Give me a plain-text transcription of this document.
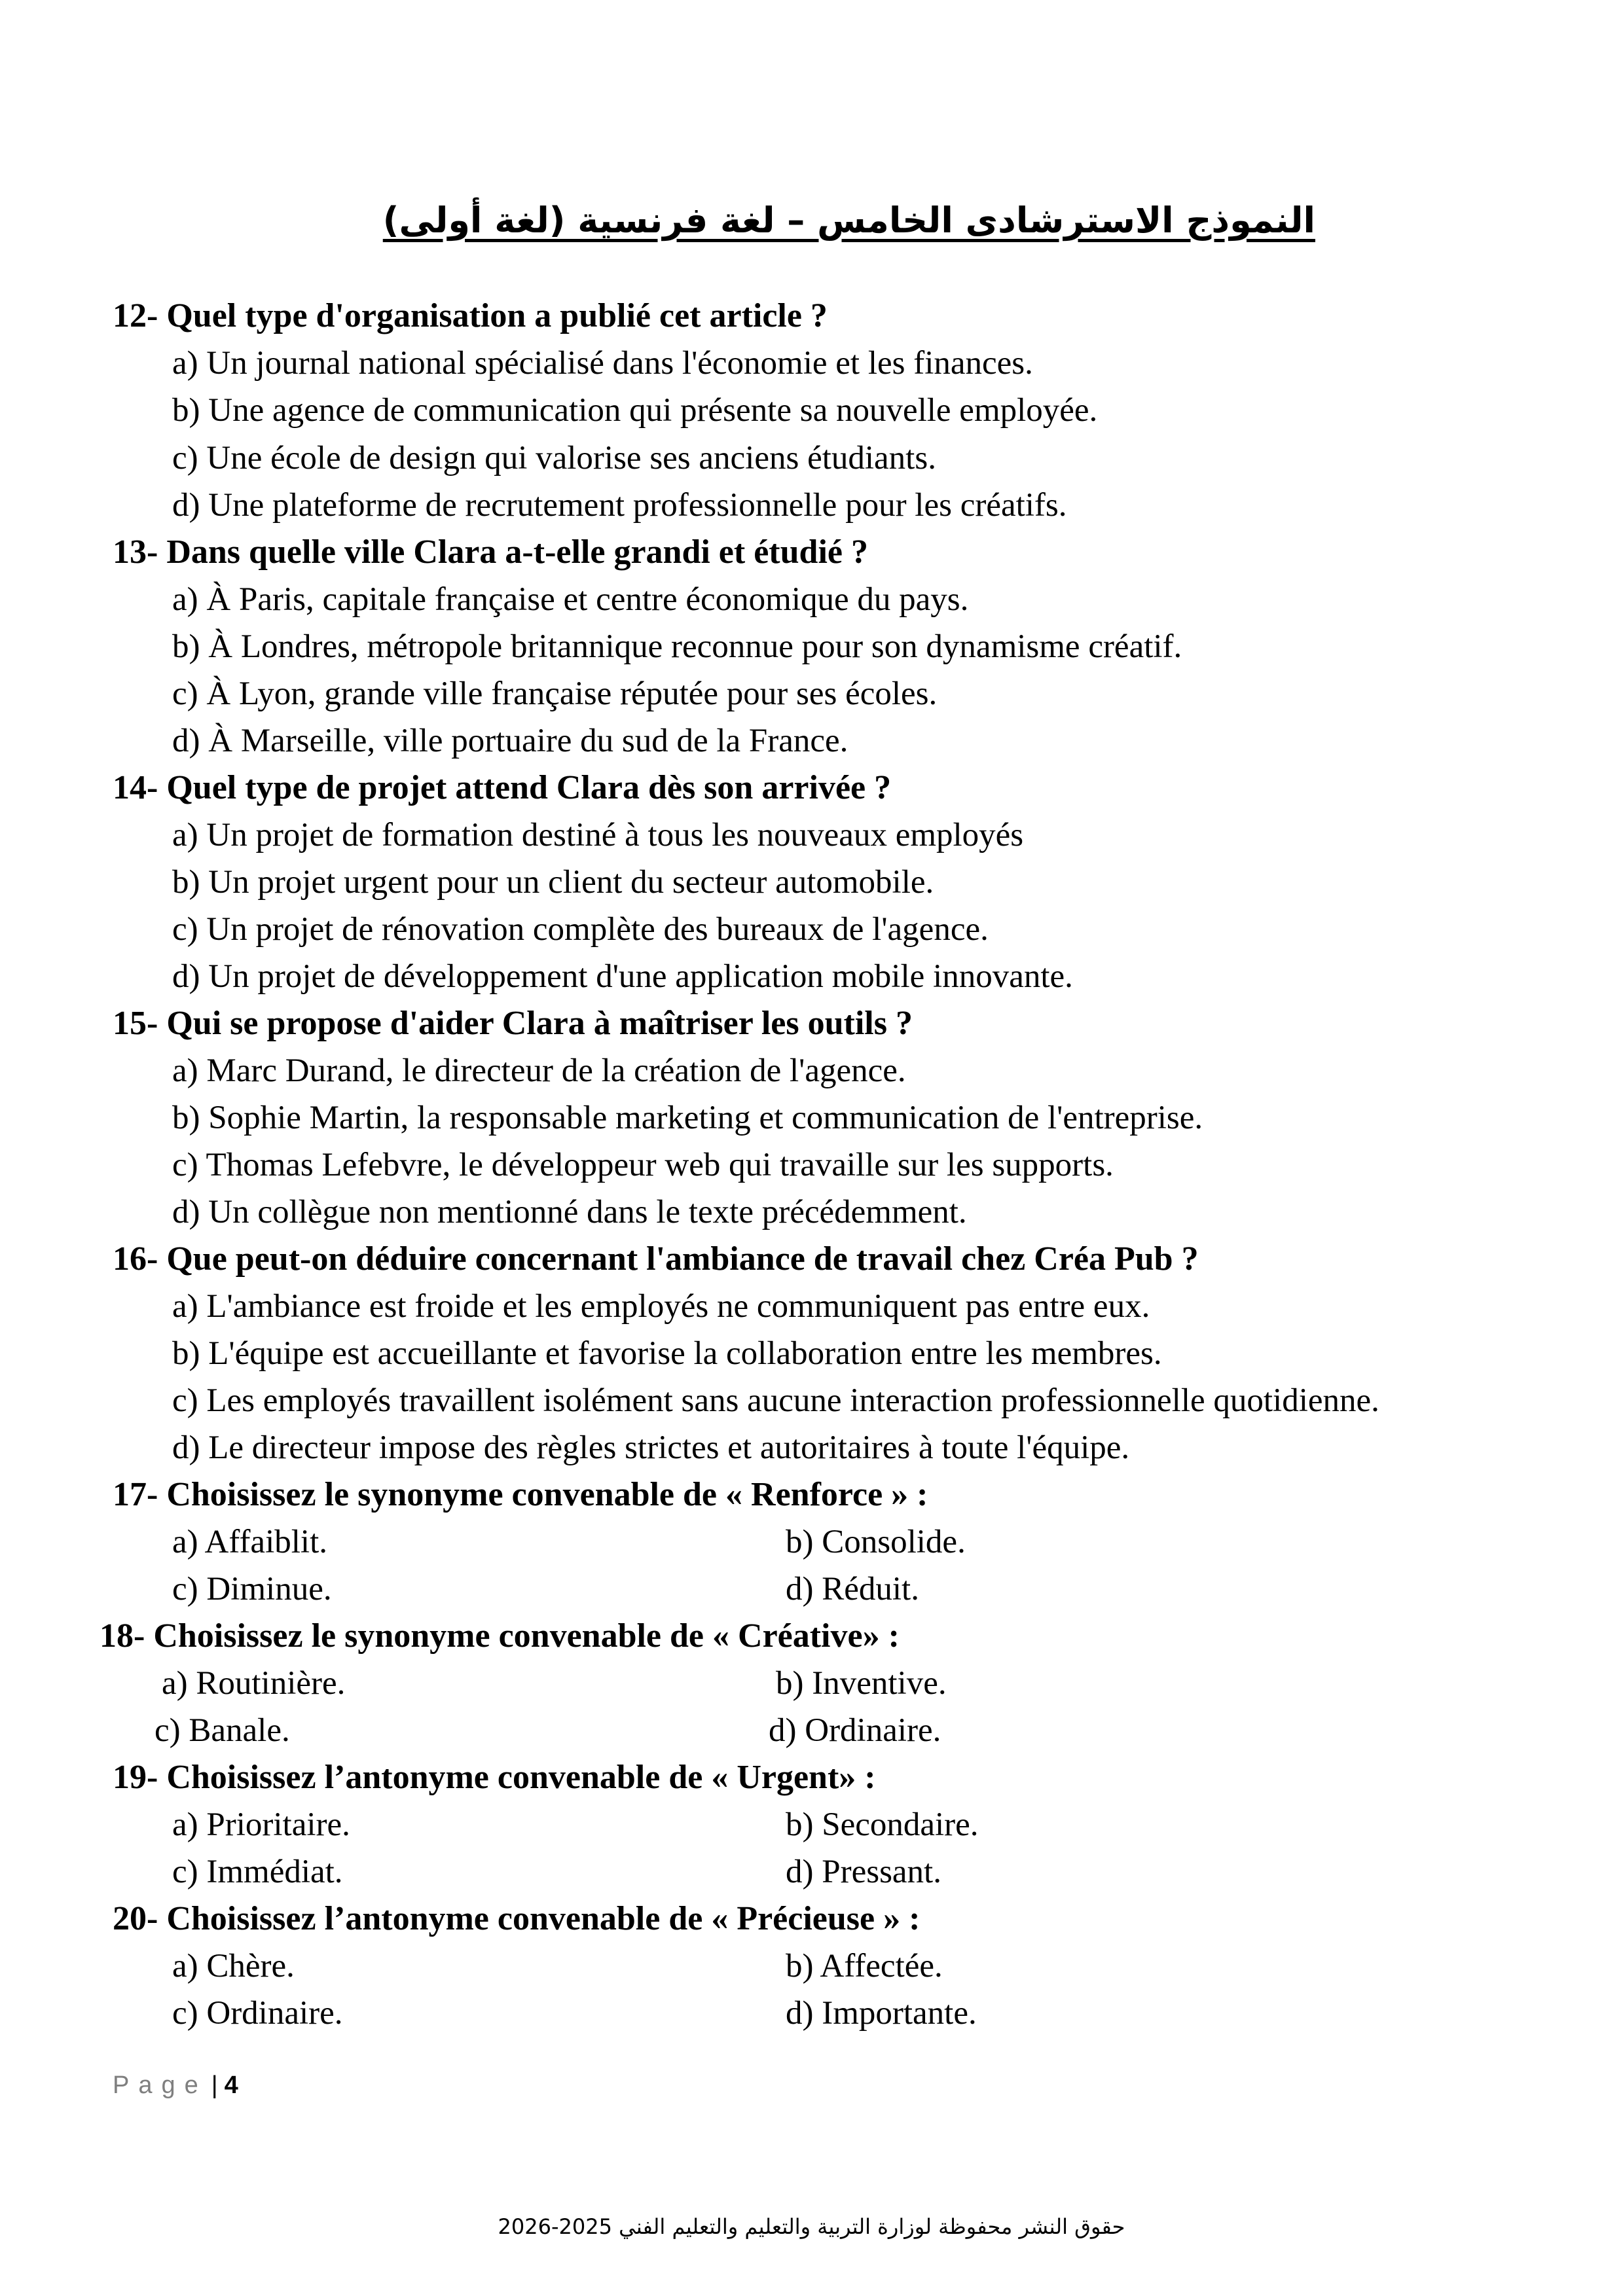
النموذج الاسترشادى الخامس – لغة فرنسية (لغة أولى)
12- Quel type d'organisation a publié cet article ?
a) Un journal national spécialisé dans l'économie et les finances.
b) Une agence de communication qui présente sa nouvelle employée.
c) Une école de design qui valorise ses anciens étudiants.
d) Une plateforme de recrutement professionnelle pour les créatifs.
13- Dans quelle ville Clara a-t-elle grandi et étudié ?
a) À Paris, capitale française et centre économique du pays.
b) À Londres, métropole britannique reconnue pour son dynamisme créatif.
c) À Lyon, grande ville française réputée pour ses écoles.
d) À Marseille, ville portuaire du sud de la France.
14- Quel type de projet attend Clara dès son arrivée ?
a) Un projet de formation destiné à tous les nouveaux employés
b) Un projet urgent pour un client du secteur automobile.
c) Un projet de rénovation complète des bureaux de l'agence.
d) Un projet de développement d'une application mobile innovante.
15- Qui se propose d'aider Clara à maîtriser les outils ?
a) Marc Durand, le directeur de la création de l'agence.
b) Sophie Martin, la responsable marketing et communication de l'entreprise.
c) Thomas Lefebvre, le développeur web qui travaille sur les supports.
d) Un collègue non mentionné dans le texte précédemment.
16- Que peut-on déduire concernant l'ambiance de travail chez Créa Pub ?
a) L'ambiance est froide et les employés ne communiquent pas entre eux.
b) L'équipe est accueillante et favorise la collaboration entre les membres.
c) Les employés travaillent isolément sans aucune interaction professionnelle quotidienne.
d) Le directeur impose des règles strictes et autoritaires à toute l'équipe.
17- Choisissez le synonyme convenable de « Renforce » :
a) Affaiblit.	b) Consolide.
c) Diminue.	d) Réduit.
18- Choisissez le synonyme convenable de « Créative» :
a) Routinière.	b) Inventive.
c) Banale.	d) Ordinaire.
19- Choisissez l’antonyme convenable de « Urgent» :
a) Prioritaire.	b) Secondaire.
c) Immédiat.	d) Pressant.
20- Choisissez l’antonyme convenable de « Précieuse » :
a) Chère.	b) Affectée.
c) Ordinaire.	d) Importante.
Page | 4
حقوق النشر محفوظة لوزارة التربية والتعليم والتعليم الفني 2025-2026
